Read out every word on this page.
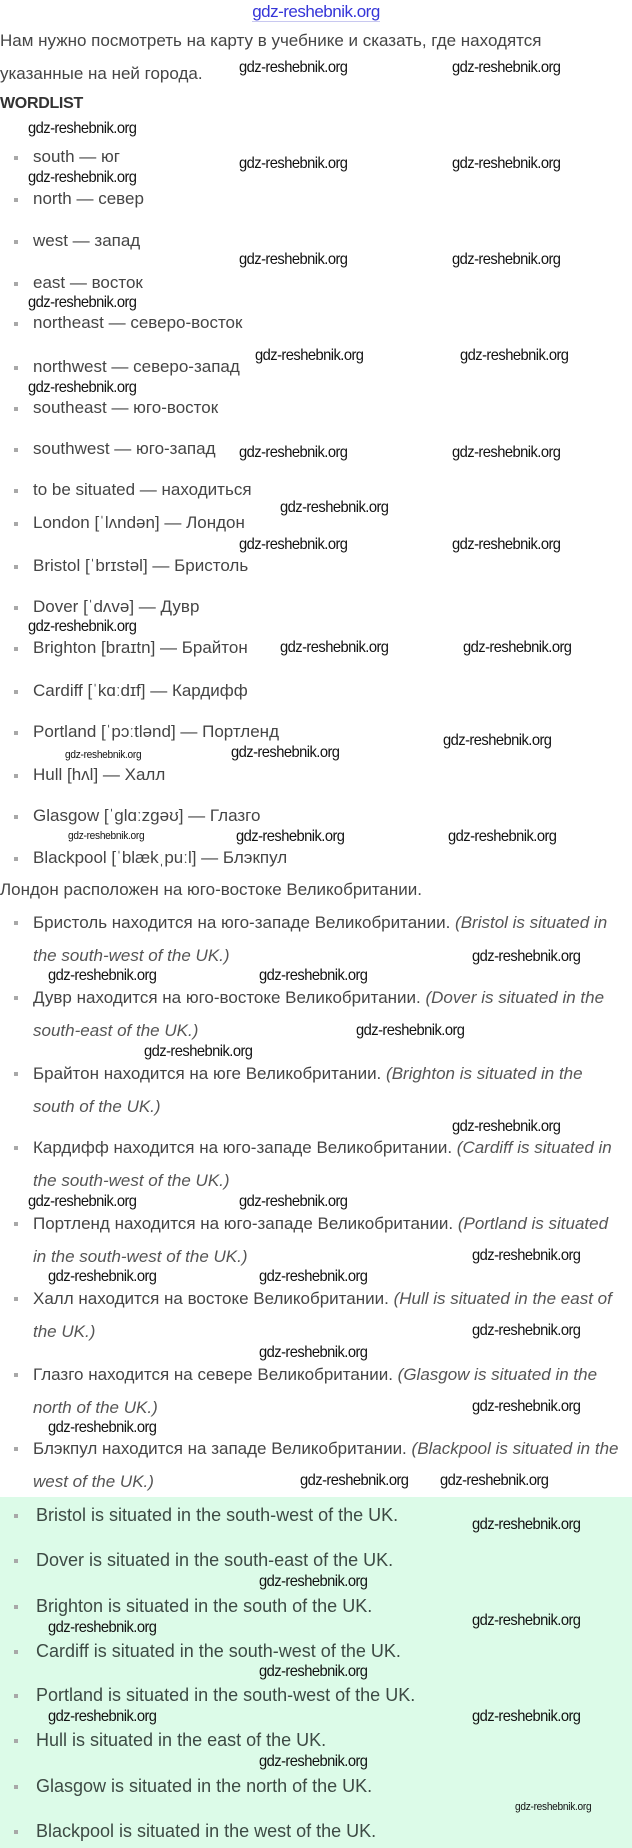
gdz-reshebnik.org
Нам нужно посмотреть на карту в учебнике и сказать, где находятся
указанные на ней города.
WORDLIST
south — юг
north — север
west — запад
east — восток
northeast — северо-восток
northwest — северо-запад
southeast — юго-восток
southwest — юго-запад
to be situated — находиться
London [ˈlʌndən] — Лондон
Bristol [ˈbrɪstəl] — Бристоль
Dover [ˈdʌvə] — Дувр
Brighton [braɪtn] — Брайтон
Cardiff [ˈkɑːdɪf] — Кардифф
Portland [ˈpɔːtlənd] — Портленд
Hull [hʌl] — Халл
Glasgow [ˈglɑːzgəʊ] — Глазго
Blackpool [ˈblækˌpuːl] — Блэкпул
Лондон расположен на юго-востоке Великобритании.
Бристоль находится на юго-западе Великобритании. (Bristol is situated in the south-west of the UK.)
Дувр находится на юго-востоке Великобритании. (Dover is situated in the south-east of the UK.)
Брайтон находится на юге Великобритании. (Brighton is situated in the south of the UK.)
Кардифф находится на юго-западе Великобритании. (Cardiff is situated in the south-west of the UK.)
Портленд находится на юго-западе Великобритании. (Portland is situated in the south-west of the UK.)
Халл находится на востоке Великобритании. (Hull is situated in the east of the UK.)
Глазго находится на севере Великобритании. (Glasgow is situated in the north of the UK.)
Блэкпул находится на западе Великобритании. (Blackpool is situated in the west of the UK.)
Bristol is situated in the south-west of the UK.
Dover is situated in the south-east of the UK.
Brighton is situated in the south of the UK.
Cardiff is situated in the south-west of the UK.
Portland is situated in the south-west of the UK.
Hull is situated in the east of the UK.
Glasgow is situated in the north of the UK.
Blackpool is situated in the west of the UK.
gdz-reshebnik.org	gdz-reshebnik.org
gdz-reshebnik.org
gdz-reshebnik.org	gdz-reshebnik.org
gdz-reshebnik.org
gdz-reshebnik.org	gdz-reshebnik.org
gdz-reshebnik.org
gdz-reshebnik.org	gdz-reshebnik.org
gdz-reshebnik.org
gdz-reshebnik.org	gdz-reshebnik.org
gdz-reshebnik.org
gdz-reshebnik.org	gdz-reshebnik.org
gdz-reshebnik.org
gdz-reshebnik.org	gdz-reshebnik.org
gdz-reshebnik.org
gdz-reshebnik.org
gdz-reshebnik.org
gdz-reshebnik.org	gdz-reshebnik.org
gdz-reshebnik.org
gdz-reshebnik.org	gdz-reshebnik.org
gdz-reshebnik.org
gdz-reshebnik.org
gdz-reshebnik.org
gdz-reshebnik.org
gdz-reshebnik.org	gdz-reshebnik.org
gdz-reshebnik.org
gdz-reshebnik.org
gdz-reshebnik.org
gdz-reshebnik.org
gdz-reshebnik.org
gdz-reshebnik.org
gdz-reshebnik.org
gdz-reshebnik.org gdz-reshebnik.org
gdz-reshebnik.org
gdz-reshebnik.org
gdz-reshebnik.org	gdz-reshebnik.org
gdz-reshebnik.org
gdz-reshebnik.org
gdz-reshebnik.org
gdz-reshebnik.org
gdz-reshebnik.org
